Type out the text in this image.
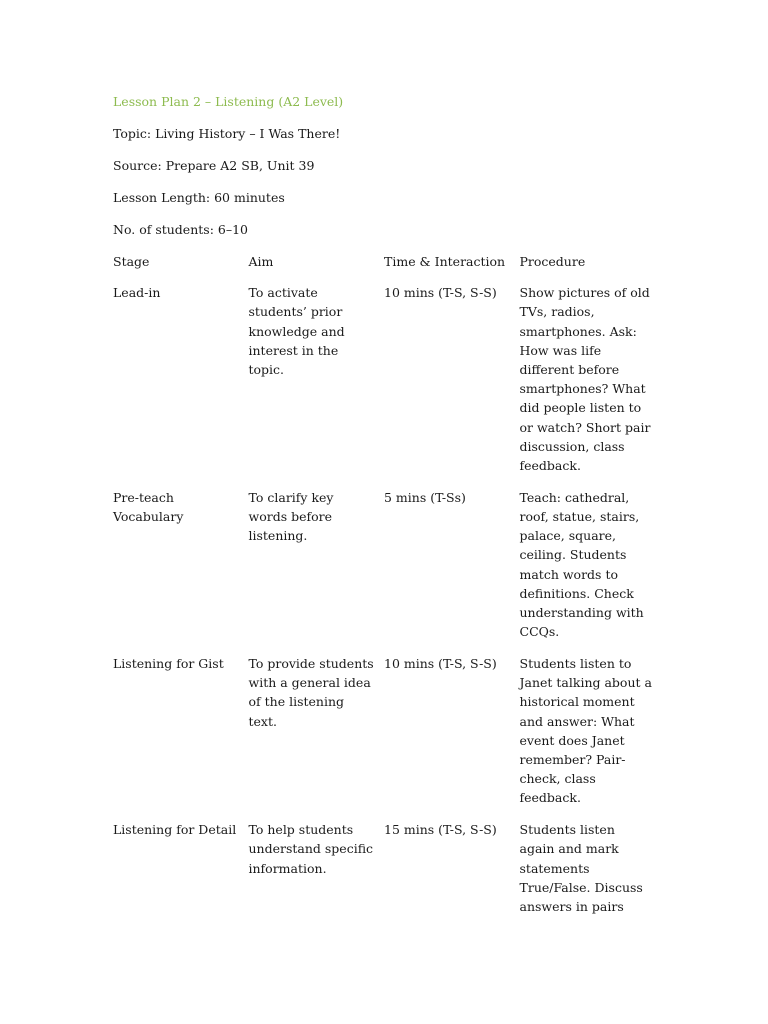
Lesson Plan 2 – Listening (A2 Level)

Topic: Living History – I Was There!

Source: Prepare A2 SB, Unit 39

Lesson Length: 60 minutes

No. of students: 6–10

Stage	Aim	Time & Interaction	Procedure

Lead-in	To activate students’ prior knowledge and interest in the topic.	10 mins (T-S, S-S)	Show pictures of old TVs, radios, smartphones. Ask: How was life different before smartphones? What did people listen to or watch? Short pair discussion, class feedback.

Pre-teach Vocabulary	To clarify key words before listening.	5 mins (T-Ss)	Teach: cathedral, roof, statue, stairs, palace, square, ceiling. Students match words to definitions. Check understanding with CCQs.

Listening for Gist	To provide students with a general idea of the listening text.	10 mins (T-S, S-S)	Students listen to Janet talking about a historical moment and answer: What event does Janet remember? Pair-check, class feedback.

Listening for Detail	To help students understand specific information.	15 mins (T-S, S-S)	Students listen again and mark statements True/False. Discuss answers in pairs
